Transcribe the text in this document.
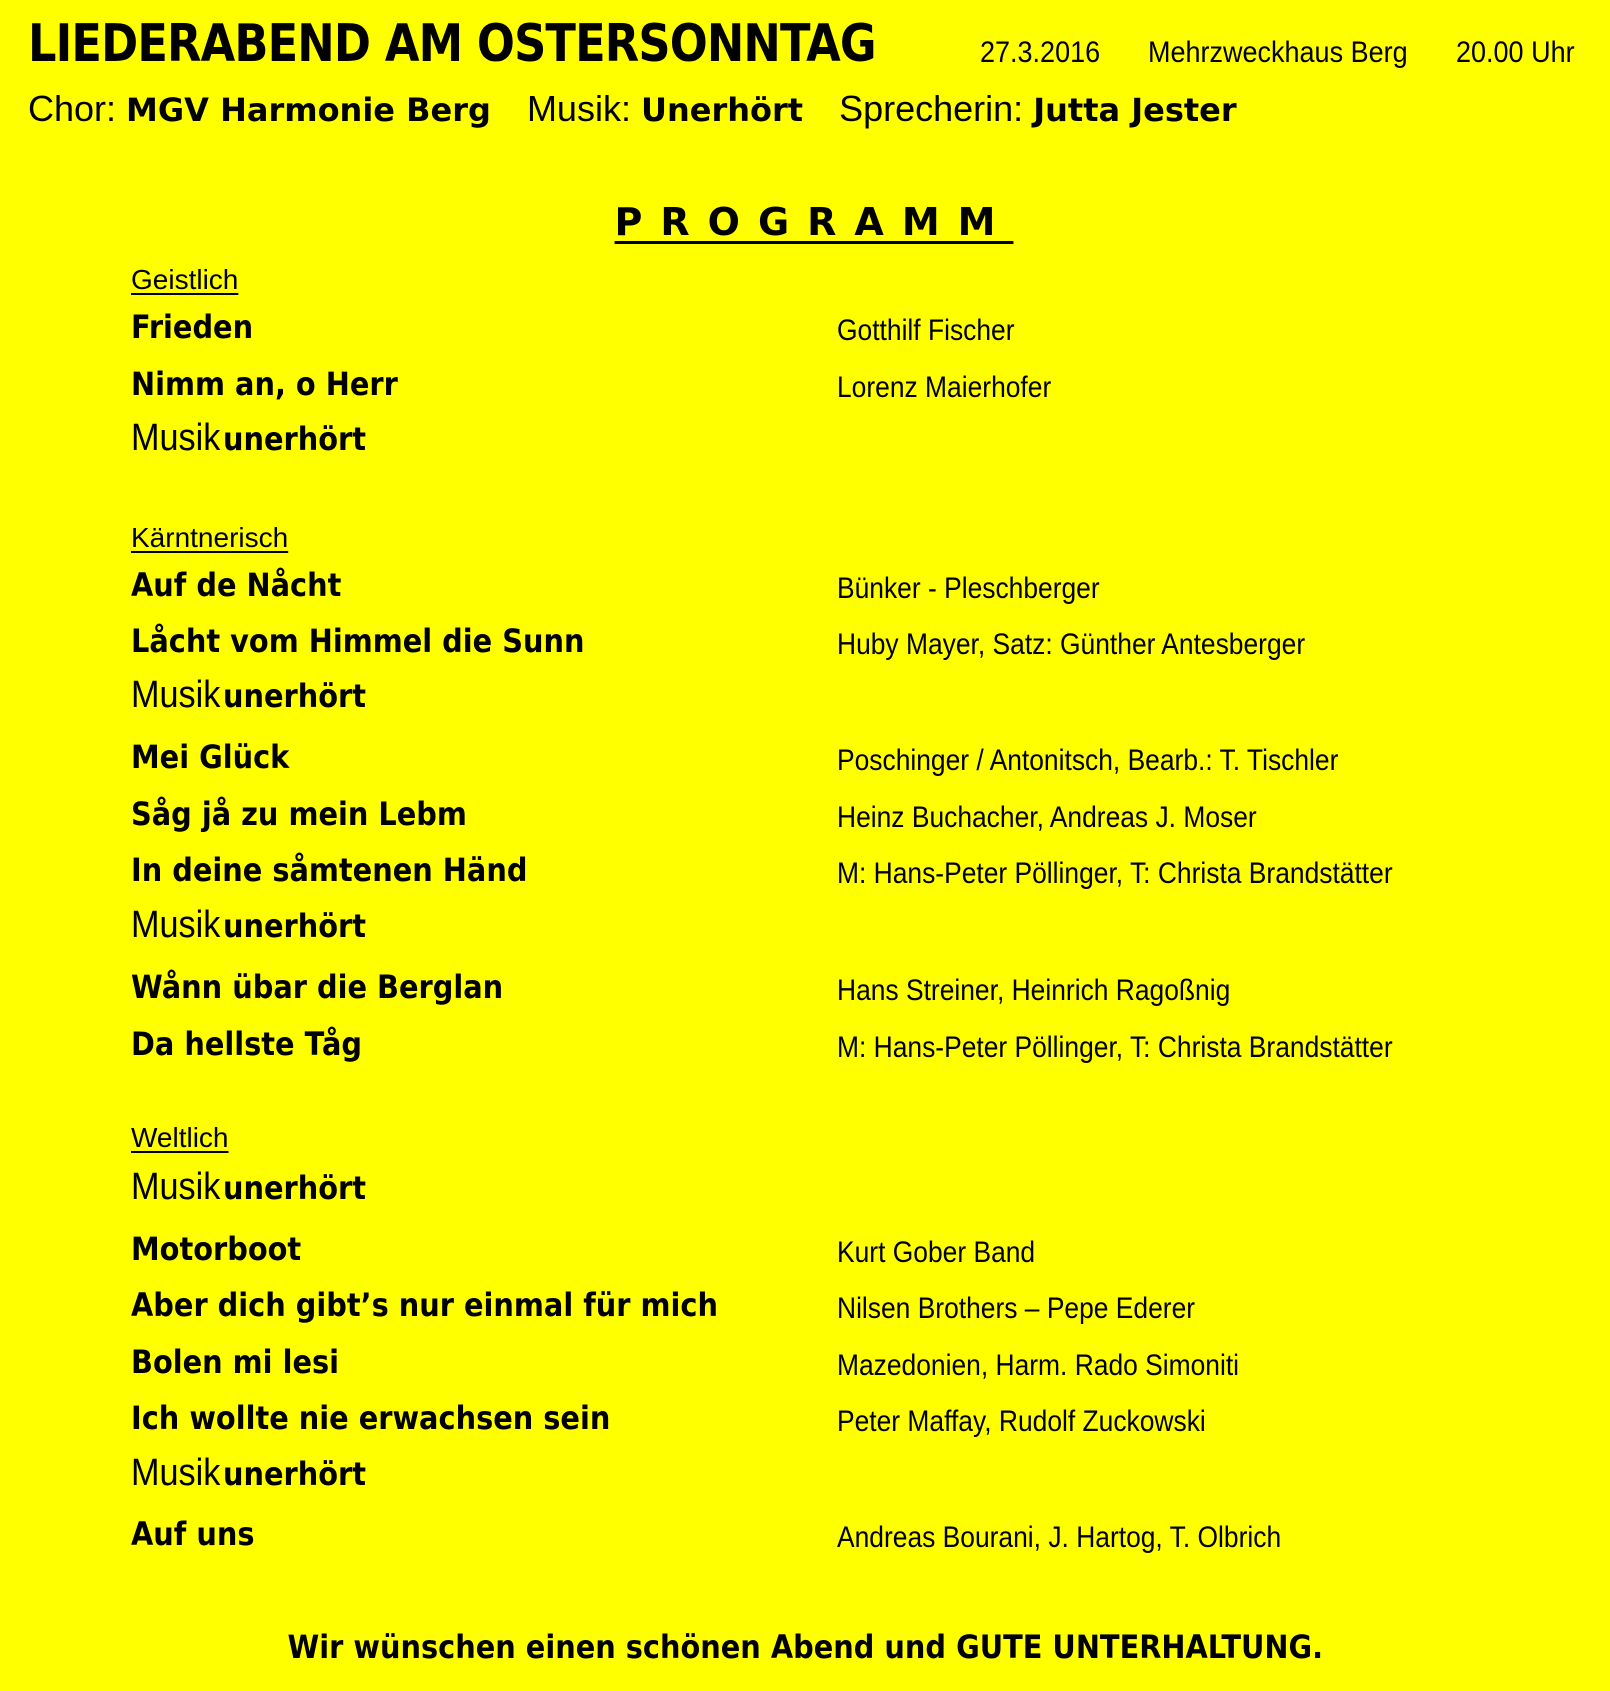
LIEDERABEND AM OSTERSONNTAG	27.3.2016 Mehrzweckhaus Berg 20.00 Uhr
Chor: MGV Harmonie Berg Musik: Unerhört Sprecherin: Jutta Jester
PROGRAMM
Geistlich
Frieden	Gotthilf Fischer
Nimm an, o Herr	Lorenz Maierhofer
Musik unerhört
Kärntnerisch
Auf de Nåcht	Bünker - Pleschberger
Låcht vom Himmel die Sunn	Huby Mayer, Satz: Günther Antesberger
Musik unerhört
Mei Glück	Poschinger / Antonitsch, Bearb.: T. Tischler
Såg jå zu mein Lebm	Heinz Buchacher, Andreas J. Moser
In deine såmtenen Händ	M: Hans-Peter Pöllinger, T: Christa Brandstätter
Musik unerhört
Wånn übar die Berglan	Hans Streiner, Heinrich Ragoßnig
Da hellste Tåg	M: Hans-Peter Pöllinger, T: Christa Brandstätter
Weltlich
Musik unerhört
Motorboot	Kurt Gober Band
Aber dich gibt’s nur einmal für mich	Nilsen Brothers – Pepe Ederer
Bolen mi lesi	Mazedonien, Harm. Rado Simoniti
Ich wollte nie erwachsen sein	Peter Maffay, Rudolf Zuckowski
Musik unerhört
Auf uns	Andreas Bourani, J. Hartog, T. Olbrich
Wir wünschen einen schönen Abend und GUTE UNTERHALTUNG.
